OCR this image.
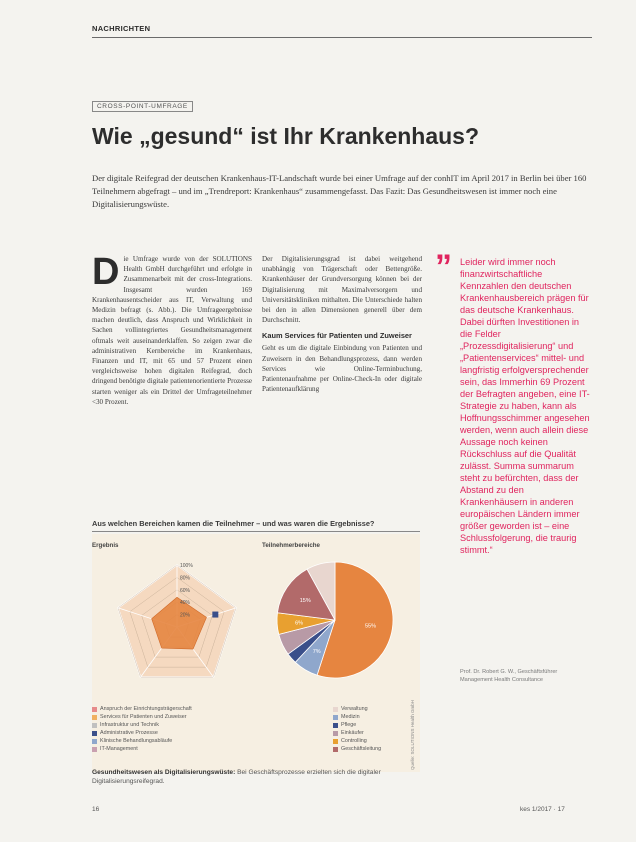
NACHRICHTEN
CROSS-POINT-UMFRAGE
Wie „gesund“ ist Ihr Krankenhaus?
Der digitale Reifegrad der deutschen Krankenhaus-IT-Landschaft wurde bei einer Umfrage auf der conhIT im April 2017 in Berlin bei über 160 Teilnehmern abgefragt – und im „Trendreport: Krankenhaus“ zusammengefasst. Das Fazit: Das Gesundheitswesen ist immer noch eine Digitalisierungswüste.
Die Umfrage wurde von der SOLUTIONS Health GmbH durchgeführt und erfolgte in Zusammenarbeit mit der cross-Integrations. Insgesamt wurden 169 Krankenhausentscheider aus IT, Verwaltung und Medizin befragt (s. Abb.). Die Umfrageergebnisse machen deutlich, dass Anspruch und Wirklichkeit in Sachen vollintegriertes Gesundheitsmanagement oftmals weit auseinanderklaffen. So zeigen zwar die administrativen Kernbereiche im Krankenhaus, Finanzen und IT, mit 65 und 57 Prozent einen vergleichsweise hohen digitalen Reifegrad, doch dringend benötigte digitale patientenorientierte Prozesse starten weniger als ein Drittel der Umfrageteilnehmer <30 Prozent.
Der Digitalisierungsgrad ist dabei weitgehend unabhängig von Trägerschaft oder Bettengröße. Krankenhäuser der Grundversorgung können bei der Digitalisierung mit Maximalversorgern und Universitätskliniken mithalten. Die Unterschiede halten bei den in allen Dimensionen generell über dem Durchschnitt.
Kaum Services für Patienten und Zuweiser
Geht es um die digitale Einbindung von Patienten und Zuweisern in den Behandlungsprozess, dann werden Services wie Online-Terminbuchung, Patientenaufnahme per Online-Check-In oder digitale Patientenaufklärung
” Leider wird immer noch finanzwirtschaftliche Kennzahlen den deutschen Krankenhausbereich prägen für das deutsche Krankenhaus. Dabei dürften Investitionen in die Felder „Prozessdigitalisierung“ und „Patientenservices“ mittel- und langfristig erfolgversprechender sein, das Immerhin 69 Prozent der Befragten angeben, eine IT-Strategie zu haben, kann als Hoffnungsschimmer angesehen werden, wenn auch allein diese Aussage noch keinen Rückschluss auf die Qualität zulässt. Summa summarum steht zu befürchten, dass der Abstand zu den Krankenhäusern in anderen europäischen Ländern immer größer geworden ist – eine Schlussfolgerung, die traurig stimmt.“
Prof. Dr. Robert G. W., Geschäftsführer Management Health Consultance
Aus welchen Bereichen kamen die Teilnehmer – und was waren die Ergebnisse?
Ergebnis	Teilnehmerbereiche
20%
40%
60%
80%
100%
55%
7%
6%
15%
Anspruch der Einrichtungsträgerschaft
Services für Patienten und Zuweiser
Infrastruktur und Technik
Administrative Prozesse
Klinische Behandlungsabläufe
IT-Management
Verwaltung
Medizin
Pflege
Einkäufer
Controlling
Geschäftsleitung	Quelle: SOLUTIONS Health GmbH
Gesundheitswesen als Digitalisierungswüste: Bei Geschäftsprozesse erzielten sich die digitaler Digitalisierungsreifegrad.
16	kes 1/2017 · 17
